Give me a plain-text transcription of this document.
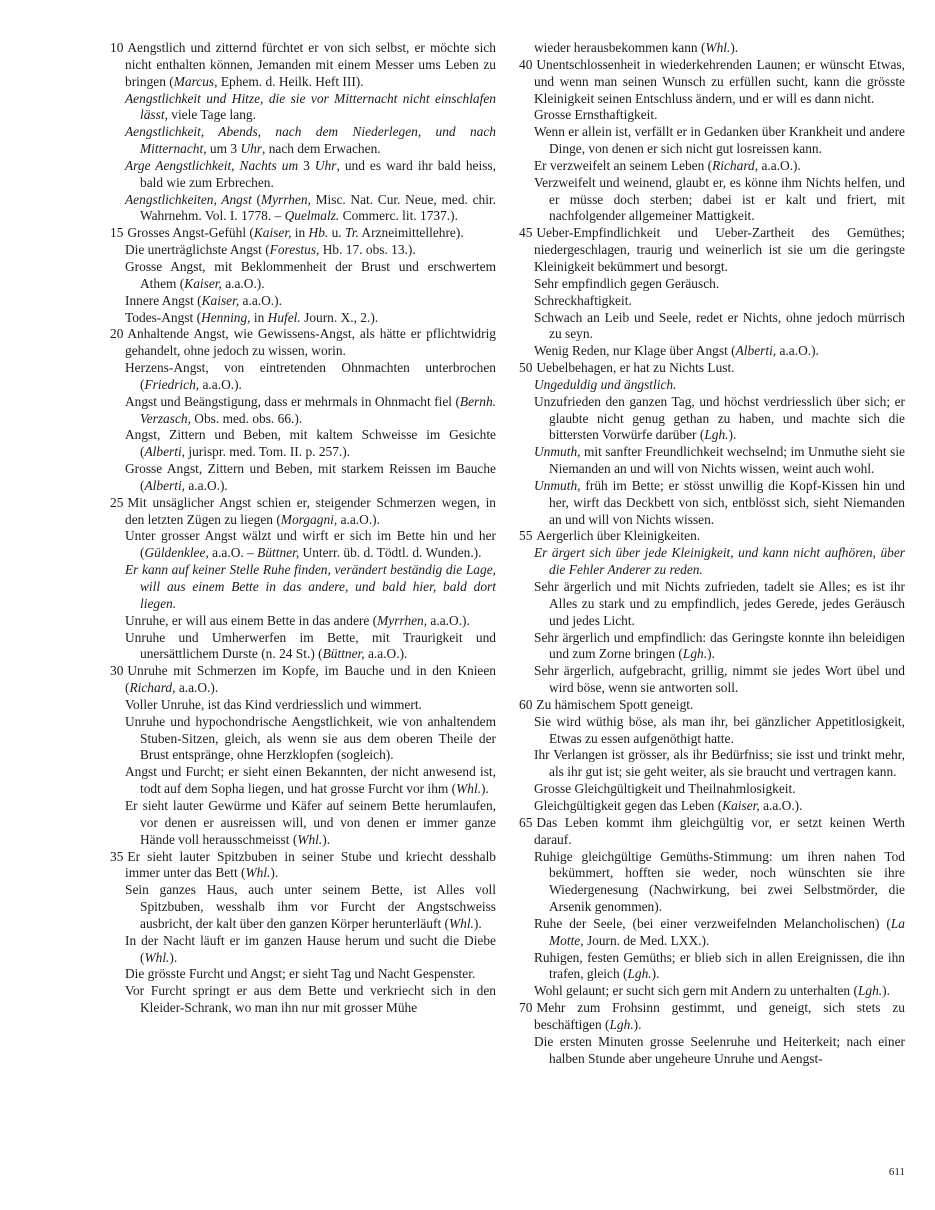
10 Aengstlich und zitternd fürchtet er von sich selbst, er möchte sich nicht enthalten können, Jemanden mit einem Messer ums Leben zu bringen (Marcus, Ephem. d. Heilk. Heft III).

Aengstlichkeit und Hitze, die sie vor Mitternacht nicht einschlafen lässt, viele Tage lang.

Aengstlichkeit, Abends, nach dem Niederlegen, und nach Mitternacht, um 3 Uhr, nach dem Erwachen.

Arge Aengstlichkeit, Nachts um 3 Uhr, und es ward ihr bald heiss, bald wie zum Erbrechen.

Aengstlichkeiten, Angst (Myrrhen, Misc. Nat. Cur. Neue, med. chir. Wahrnehm. Vol. I. 1778. – Quelmalz. Commerc. lit. 1737.).

15 Grosses Angst-Gefühl (Kaiser, in Hb. u. Tr. Arzneimittellehre).

Die unerträglichste Angst (Forestus, Hb. 17. obs. 13.).

Grosse Angst, mit Beklommenheit der Brust und erschwertem Athem (Kaiser, a.a.O.).

Innere Angst (Kaiser, a.a.O.).

Todes-Angst (Henning, in Hufel. Journ. X., 2.).

20 Anhaltende Angst, wie Gewissens-Angst, als hätte er pflichtwidrig gehandelt, ohne jedoch zu wissen, worin.

Herzens-Angst, von eintretenden Ohnmachten unterbrochen (Friedrich, a.a.O.).

Angst und Beängstigung, dass er mehrmals in Ohnmacht fiel (Bernh. Verzasch, Obs. med. obs. 66.).

Angst, Zittern und Beben, mit kaltem Schweisse im Gesichte (Alberti, jurispr. med. Tom. II. p. 257.).

Grosse Angst, Zittern und Beben, mit starkem Reissen im Bauche (Alberti, a.a.O.).

25 Mit unsäglicher Angst schien er, steigender Schmerzen wegen, in den letzten Zügen zu liegen (Morgagni, a.a.O.).

Unter grosser Angst wälzt und wirft er sich im Bette hin und her (Güldenklee, a.a.O. – Büttner, Unterr. üb. d. Tödtl. d. Wunden.).

Er kann auf keiner Stelle Ruhe finden, verändert beständig die Lage, will aus einem Bette in das andere, und bald hier, bald dort liegen.

Unruhe, er will aus einem Bette in das andere (Myrrhen, a.a.O.).

Unruhe und Umherwerfen im Bette, mit Traurigkeit und unersättlichem Durste (n. 24 St.) (Büttner, a.a.O.).

30 Unruhe mit Schmerzen im Kopfe, im Bauche und in den Knieen (Richard, a.a.O.).

Voller Unruhe, ist das Kind verdriesslich und wimmert.

Unruhe und hypochondrische Aengstlichkeit, wie von anhaltendem Stuben-Sitzen, gleich, als wenn sie aus dem oberen Theile der Brust entspränge, ohne Herzklopfen (sogleich).

Angst und Furcht; er sieht einen Bekannten, der nicht anwesend ist, todt auf dem Sopha liegen, und hat grosse Furcht vor ihm (Whl.).

Er sieht lauter Gewürme und Käfer auf seinem Bette herumlaufen, vor denen er ausreissen will, und von denen er immer ganze Hände voll herausschmeisst (Whl.).

35 Er sieht lauter Spitzbuben in seiner Stube und kriecht desshalb immer unter das Bett (Whl.).

Sein ganzes Haus, auch unter seinem Bette, ist Alles voll Spitzbuben, wesshalb ihm vor Furcht der Angstschweiss ausbricht, der kalt über den ganzen Körper herunterläuft (Whl.).

In der Nacht läuft er im ganzen Hause herum und sucht die Diebe (Whl.).

Die grösste Furcht und Angst; er sieht Tag und Nacht Gespenster.

Vor Furcht springt er aus dem Bette und verkriecht sich in den Kleider-Schrank, wo man ihn nur mit grosser Mühe

wieder herausbekommen kann (Whl.).

40 Unentschlossenheit in wiederkehrenden Launen; er wünscht Etwas, und wenn man seinen Wunsch zu erfüllen sucht, kann die grösste Kleinigkeit seinen Entschluss ändern, und er will es dann nicht.

Grosse Ernsthaftigkeit.

Wenn er allein ist, verfällt er in Gedanken über Krankheit und andere Dinge, von denen er sich nicht gut losreissen kann.

Er verzweifelt an seinem Leben (Richard, a.a.O.).

Verzweifelt und weinend, glaubt er, es könne ihm Nichts helfen, und er müsse doch sterben; dabei ist er kalt und friert, mit nachfolgender allgemeiner Mattigkeit.

45 Ueber-Empfindlichkeit und Ueber-Zartheit des Gemüthes; niedergeschlagen, traurig und weinerlich ist sie um die geringste Kleinigkeit bekümmert und besorgt.

Sehr empfindlich gegen Geräusch.

Schreckhaftigkeit.

Schwach an Leib und Seele, redet er Nichts, ohne jedoch mürrisch zu seyn.

Wenig Reden, nur Klage über Angst (Alberti, a.a.O.).

50 Uebelbehagen, er hat zu Nichts Lust.

Ungeduldig und ängstlich.

Unzufrieden den ganzen Tag, und höchst verdriesslich über sich; er glaubte nicht genug gethan zu haben, und machte sich die bittersten Vorwürfe darüber (Lgh.).

Unmuth, mit sanfter Freundlichkeit wechselnd; im Unmuthe sieht sie Niemanden an und will von Nichts wissen, weint auch wohl.

Unmuth, früh im Bette; er stösst unwillig die Kopf-Kissen hin und her, wirft das Deckbett von sich, entblösst sich, sieht Niemanden an und will von Nichts wissen.

55 Aergerlich über Kleinigkeiten.

Er ärgert sich über jede Kleinigkeit, und kann nicht aufhören, über die Fehler Anderer zu reden.

Sehr ärgerlich und mit Nichts zufrieden, tadelt sie Alles; es ist ihr Alles zu stark und zu empfindlich, jedes Gerede, jedes Geräusch und jedes Licht.

Sehr ärgerlich und empfindlich: das Geringste konnte ihn beleidigen und zum Zorne bringen (Lgh.).

Sehr ärgerlich, aufgebracht, grillig, nimmt sie jedes Wort übel und wird böse, wenn sie antworten soll.

60 Zu hämischem Spott geneigt.

Sie wird wüthig böse, als man ihr, bei gänzlicher Appetitlosigkeit, Etwas zu essen aufgenöthigt hatte.

Ihr Verlangen ist grösser, als ihr Bedürfniss; sie isst und trinkt mehr, als ihr gut ist; sie geht weiter, als sie braucht und vertragen kann.

Grosse Gleichgültigkeit und Theilnahmlosigkeit.

Gleichgültigkeit gegen das Leben (Kaiser, a.a.O.).

65 Das Leben kommt ihm gleichgültig vor, er setzt keinen Werth darauf.

Ruhige gleichgültige Gemüths-Stimmung: um ihren nahen Tod bekümmert, hofften sie weder, noch wünschten sie ihre Wiedergenesung (Nachwirkung, bei zwei Selbstmörder, die Arsenik genommen).

Ruhe der Seele, (bei einer verzweifelnden Melancholischen) (La Motte, Journ. de Med. LXX.).

Ruhigen, festen Gemüths; er blieb sich in allen Ereignissen, die ihn trafen, gleich (Lgh.).

Wohl gelaunt; er sucht sich gern mit Andern zu unterhalten (Lgh.).

70 Mehr zum Frohsinn gestimmt, und geneigt, sich stets zu beschäftigen (Lgh.).

Die ersten Minuten grosse Seelenruhe und Heiterkeit; nach einer halben Stunde aber ungeheure Unruhe und Aengst-

611
